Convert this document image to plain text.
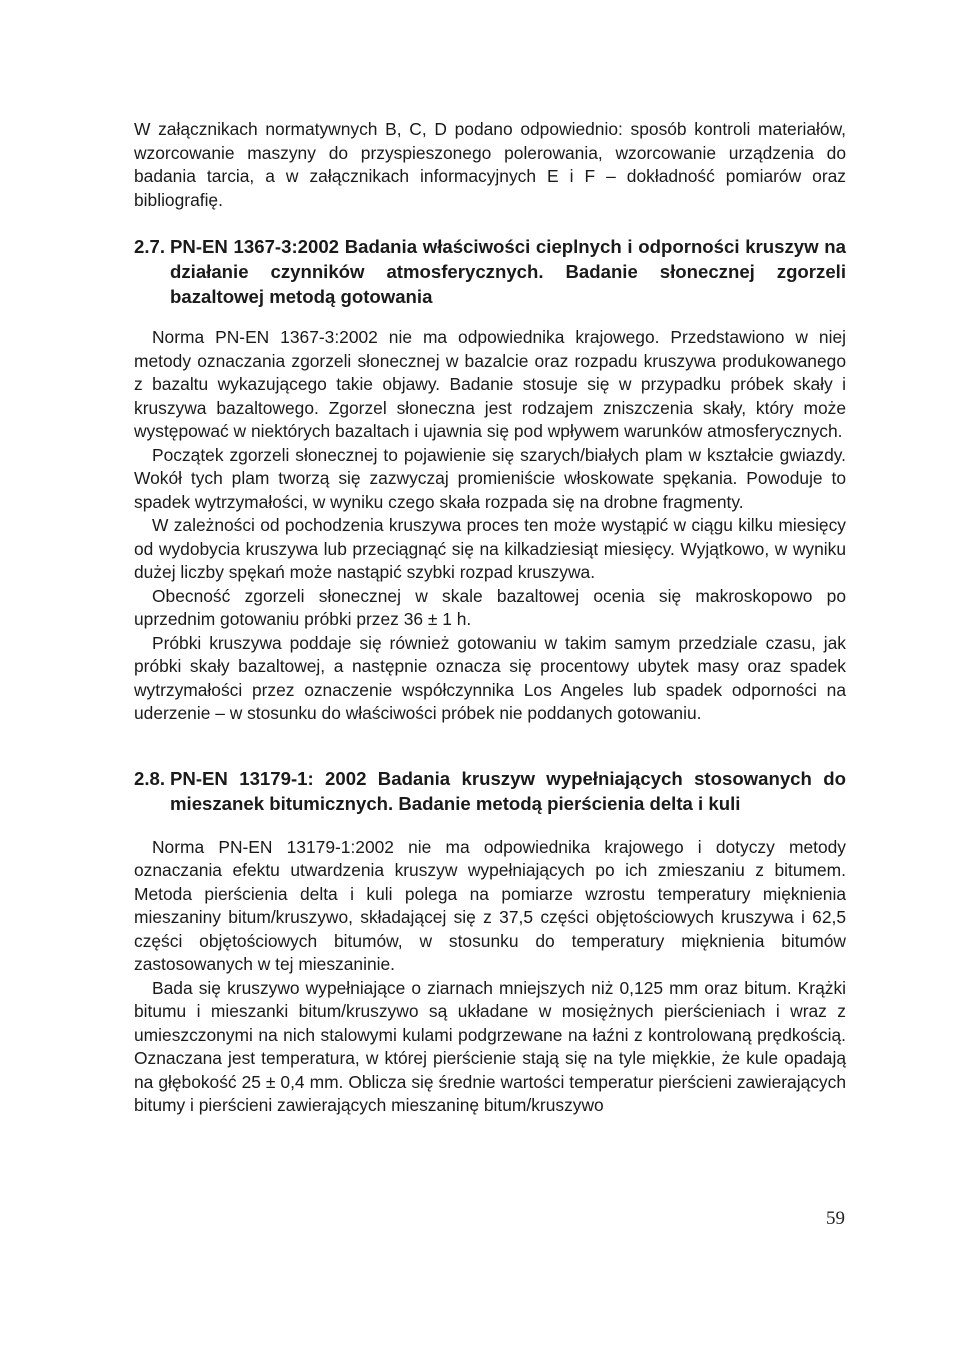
W załącznikach normatywnych B, C, D podano odpowiednio: sposób kontroli materiałów, wzorcowanie maszyny do przyspieszonego polerowania, wzorcowanie urządzenia do badania tarcia, a w załącznikach informacyjnych E i F – dokładność pomiarów oraz bibliografię.

2.7. PN-EN 1367-3:2002 Badania właściwości cieplnych i odporności kruszyw na działanie czynników atmosferycznych. Badanie słonecznej zgorzeli bazaltowej metodą gotowania

Norma PN-EN 1367-3:2002 nie ma odpowiednika krajowego. Przedstawiono w niej metody oznaczania zgorzeli słonecznej w bazalcie oraz rozpadu kruszywa produkowanego z bazaltu wykazującego takie objawy. Badanie stosuje się w przypadku próbek skały i kruszywa bazaltowego. Zgorzel słoneczna jest rodzajem zniszczenia skały, który może występować w niektórych bazaltach i ujawnia się pod wpływem warunków atmosferycznych.

Początek zgorzeli słonecznej to pojawienie się szarych/białych plam w kształcie gwiazdy. Wokół tych plam tworzą się zazwyczaj promieniście włoskowate spękania. Powoduje to spadek wytrzymałości, w wyniku czego skała rozpada się na drobne fragmenty.

W zależności od pochodzenia kruszywa proces ten może wystąpić w ciągu kilku miesięcy od wydobycia kruszywa lub przeciągnąć się na kilkadziesiąt miesięcy. Wyjątkowo, w wyniku dużej liczby spękań może nastąpić szybki rozpad kruszywa.

Obecność zgorzeli słonecznej w skale bazaltowej ocenia się makroskopowo po uprzednim gotowaniu próbki przez 36 ± 1 h.

Próbki kruszywa poddaje się również gotowaniu w takim samym przedziale czasu, jak próbki skały bazaltowej, a następnie oznacza się procentowy ubytek masy oraz spadek wytrzymałości przez oznaczenie współczynnika Los Angeles lub spadek odporności na uderzenie – w stosunku do właściwości próbek nie poddanych gotowaniu.

2.8. PN-EN 13179-1: 2002 Badania kruszyw wypełniających stosowanych do mieszanek bitumicznych. Badanie metodą pierścienia delta i kuli

Norma PN-EN 13179-1:2002 nie ma odpowiednika krajowego i dotyczy metody oznaczania efektu utwardzenia kruszyw wypełniających po ich zmieszaniu z bitumem. Metoda pierścienia delta i kuli polega na pomiarze wzrostu temperatury mięknienia mieszaniny bitum/kruszywo, składającej się z 37,5 części objętościowych kruszywa i 62,5 części objętościowych bitumów, w stosunku do temperatury mięknienia bitumów zastosowanych w tej mieszaninie.

Bada się kruszywo wypełniające o ziarnach mniejszych niż 0,125 mm oraz bitum. Krążki bitumu i mieszanki bitum/kruszywo są układane w mosiężnych pierścieniach i wraz z umieszczonymi na nich stalowymi kulami podgrzewane na łaźni z kontrolowaną prędkością. Oznaczana jest temperatura, w której pierścienie stają się na tyle miękkie, że kule opadają na głębokość 25 ± 0,4 mm. Oblicza się średnie wartości temperatur pierścieni zawierających bitumy i pierścieni zawierających mieszaninę bitum/kruszywo

59
